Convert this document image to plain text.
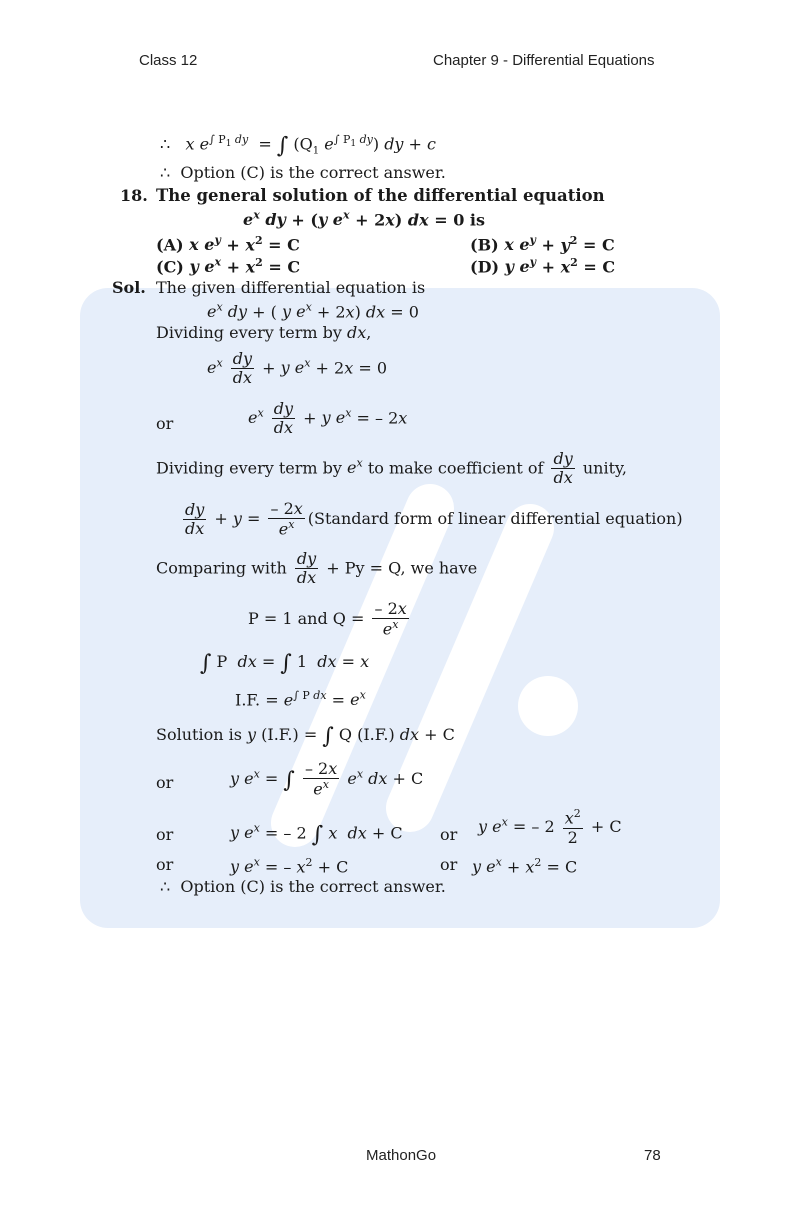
Class 12	Chapter 9 - Differential Equations
∴ x $e^{\int P_1 dy}$  = ∫ ($Q_1$ $e^{\int P_1 dy}$) dy + c
∴ Option (C) is the correct answer.
18. The general solution of the differential equation
$e^x$ dy + (y $e^x + 2x$) dx = 0 is
(A) x $e^y + x^2 = C$	(B) x $e^y + y^2 = C$
(C) y $e^x + x^2 = C$	(D) y $e^y + x^2 = C$
Sol. The given differential equation is
$e^x$ dy + ( y $e^x + 2x$) dx = 0
Dividing every term by dx,
$e^x \frac{dy}{dx} + y$ $e^x + 2x = 0$
or	$e^x \frac{dy}{dx} + y$ $e^x$ = – 2x
Dividing every term by $e^x$ to make coefficient of $\frac{dy}{dx}$ unity,
$\frac{dy}{dx} + y = \frac{- 2x}{e^x}$ (Standard form of linear differential equation)
Comparing with $\frac{dy}{dx} + Py = Q$, we have
P = 1 and $Q = \frac{- 2x}{e^x}$
∫ P  dx = ∫ 1  dx = x
I.F. = $e^{\int P dx} = e^x$
Solution is y (I.F.) = ∫ Q (I.F.) dx + C
or	y $e^x$ = ∫ $\frac{- 2x}{e^x} e^x$ dx + C
or	y $e^x$ = – 2 ∫ x dx + C or y $e^x$ = – $2 \frac{x^2}{2} + C$
or	y $e^x$ = – $x^2 + C$	or y $e^x + x^2 = C$
∴ Option (C) is the correct answer.
MathonGo	78
